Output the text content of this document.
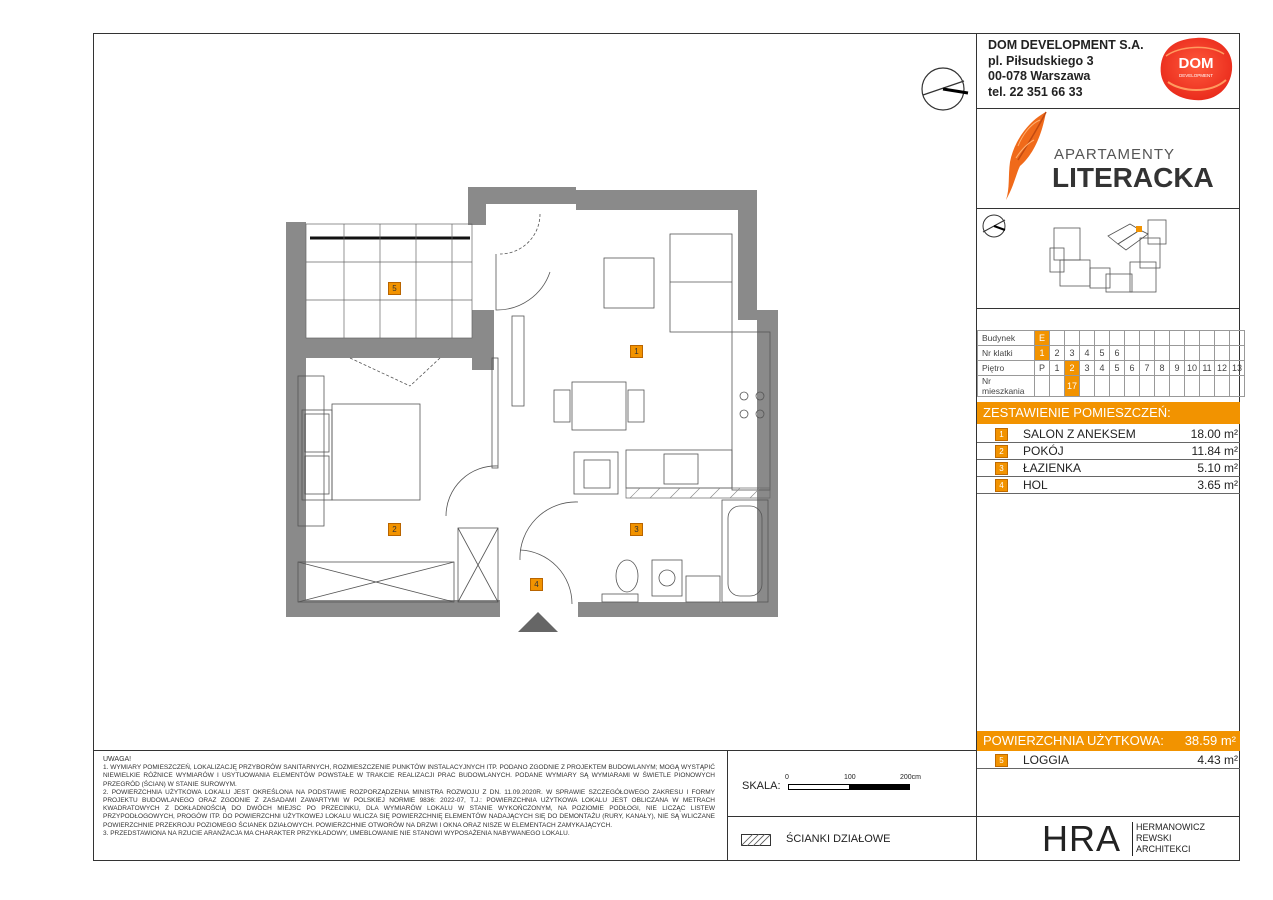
DOM DEVELOPMENT S.A.
pl. Piłsudskiego 3
00-078 Warszawa
tel. 22 351 66 33
DOM
DEVELOPMENT
APARTAMENTY
LITERACKA
Budynek	E													
Nr klatki	1	2	3	4	5	6								
Piętro	P	1	2	3	4	5	6	7	8	9	10	11	12	13
Nr mieszkania			17											
ZESTAWIENIE POMIESZCZEŃ:
1	SALON Z ANEKSEM	18.00 m²
2	POKÓJ	11.84 m²
3	ŁAZIENKA	5.10 m²
4	HOL	3.65 m²
POWIERZCHNIA UŻYTKOWA: 38.59 m²
5	LOGGIA	4.43 m²
HRA HERMANOWICZ
REWSKI
ARCHITEKCI

UWAGA!

1. WYMIARY POMIESZCZEŃ, LOKALIZACJĘ PRZYBORÓW SANITARNYCH, ROZMIESZCZENIE PUNKTÓW INSTALACYJNYCH ITP. PODANO ZGODNIE Z PROJEKTEM BUDOWLANYM; MOGĄ WYSTĄPIĆ NIEWIELKIE RÓŻNICE WYMIARÓW I USYTUOWANIA ELEMENTÓW POWSTAŁE W TRAKCIE REALIZACJI PRAC BUDOWLANYCH. PODANE WYMIARY SĄ WYMIARAMI W ŚWIETLE PIONOWYCH PRZEGRÓD (ŚCIAN) W STANIE SUROWYM.

2. POWIERZCHNIA UŻYTKOWA LOKALU JEST OKREŚLONA NA PODSTAWIE ROZPORZĄDZENIA MINISTRA ROZWOJU Z DN. 11.09.2020R. W SPRAWIE SZCZEGÓŁOWEGO ZAKRESU I FORMY PROJEKTU BUDOWLANEGO ORAZ ZGODNIE Z ZASADAMI ZAWARTYMI W POLSKIEJ NORMIE 9836: 2022-07, T.J.: POWIERZCHNIA UŻYTKOWA LOKALU JEST OBLICZANA W METRACH KWADRATOWYCH Z DOKŁADNOŚCIĄ DO DWÓCH MIEJSC PO PRZECINKU, DLA WYMIARÓW LOKALU W STANIE WYKOŃCZONYM, NA POZIOMIE PODŁOGI, NIE LICZĄC LISTEW PRZYPODŁOGOWYCH, PROGÓW ITP. DO POWIERZCHNI UŻYTKOWEJ LOKALU WLICZA SIĘ POWIERZCHNIĘ ELEMENTÓW NADAJĄCYCH SIĘ DO DEMONTAŻU (RURY, KANAŁY), NIE SĄ WLICZANE POWIERZCHNIE PRZEKROJU POZIOMEGO ŚCIANEK DZIAŁOWYCH. POWIERZCHNIE OTWORÓW NA DRZWI I OKNA ORAZ NISZE W ELEMENTACH ZAMYKAJĄCYCH.

3. PRZEDSTAWIONA NA RZUCIE ARANŻACJA MA CHARAKTER PRZYKŁADOWY, UMEBLOWANIE NIE STANOWI WYPOSAŻENIA NABYWANEGO LOKALU.

SKALA:
0	100	200cm
ŚCIANKI DZIAŁOWE
1
2	3
4
5
